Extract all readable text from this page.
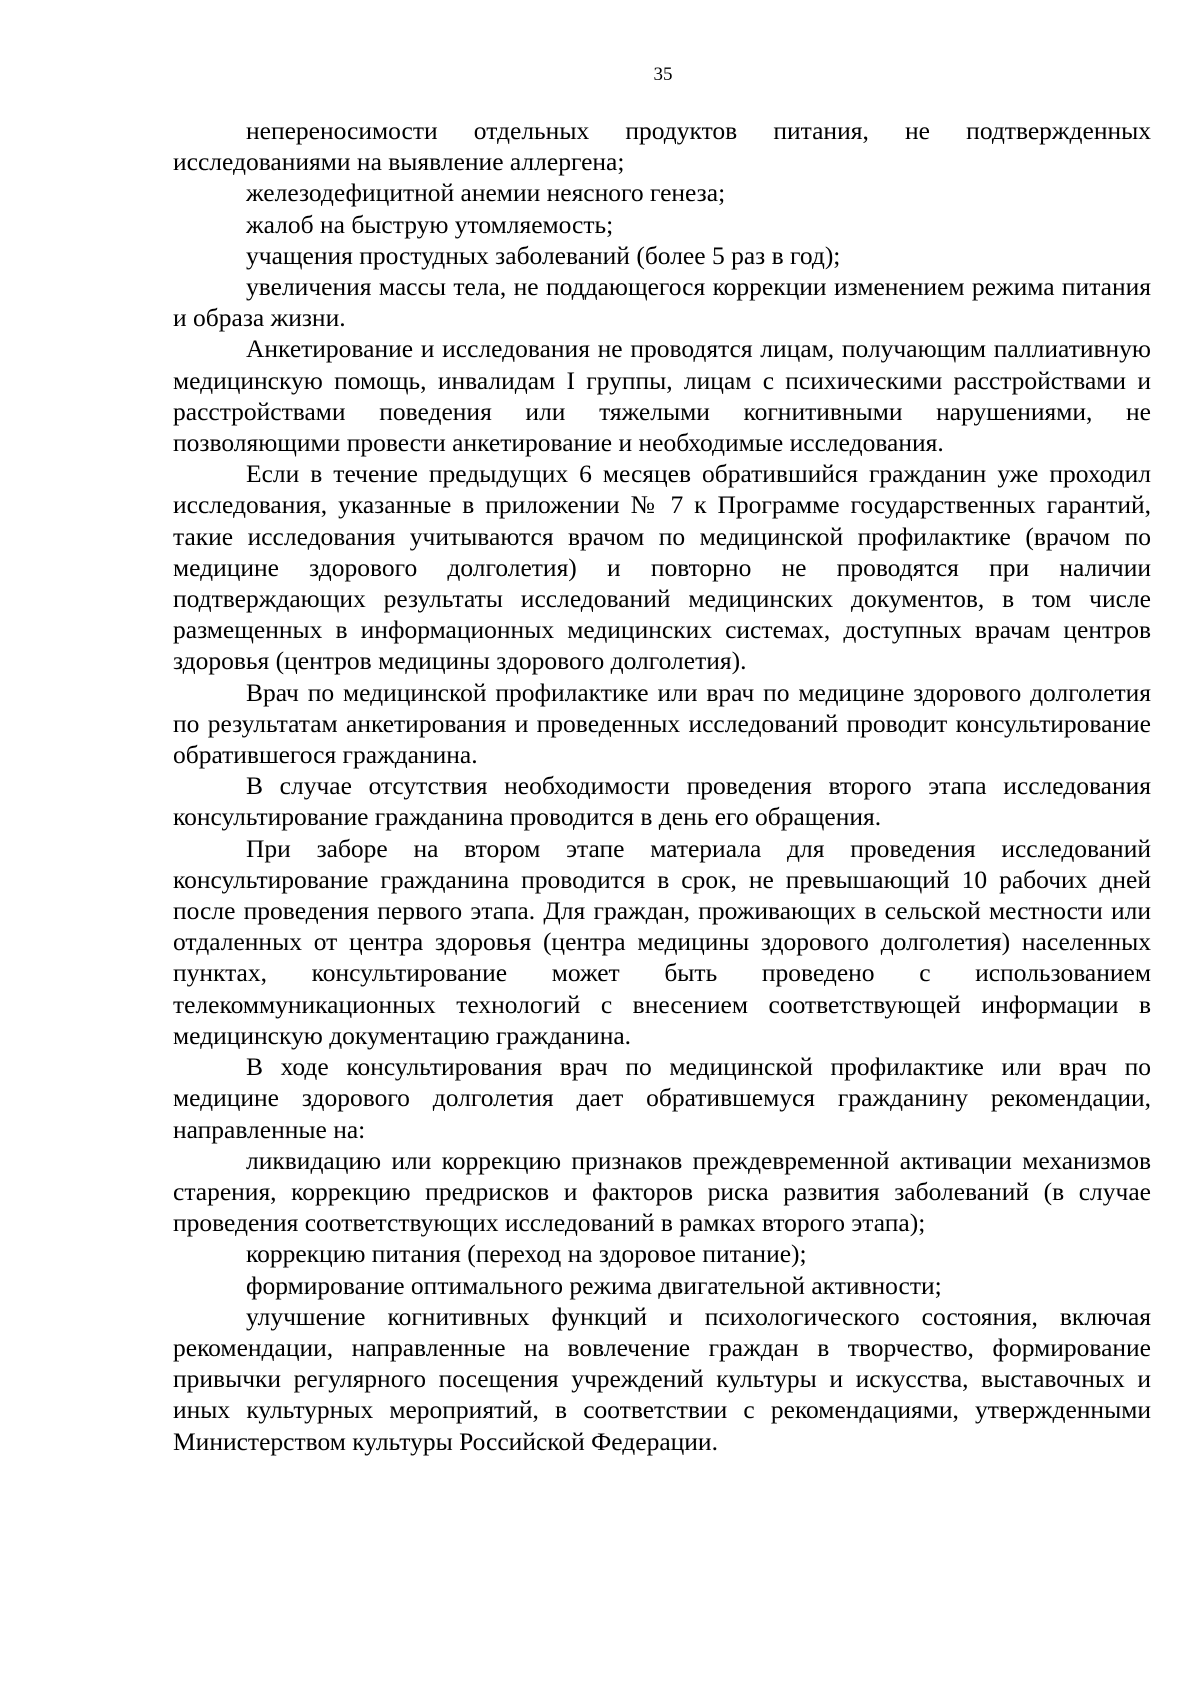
35

непереносимости отдельных продуктов питания, не подтвержденных исследованиями на выявление аллергена;

железодефицитной анемии неясного генеза;

жалоб на быструю утомляемость;

учащения простудных заболеваний (более 5 раз в год);

увеличения массы тела, не поддающегося коррекции изменением режима питания и образа жизни.

Анкетирование и исследования не проводятся лицам, получающим паллиативную медицинскую помощь, инвалидам I группы, лицам с психическими расстройствами и расстройствами поведения или тяжелыми когнитивными нарушениями, не позволяющими провести анкетирование и необходимые исследования.

Если в течение предыдущих 6 месяцев обратившийся гражданин уже проходил исследования, указанные в приложении № 7 к Программе государственных гарантий, такие исследования учитываются врачом по медицинской профилактике (врачом по медицине здорового долголетия) и повторно не проводятся при наличии подтверждающих результаты исследований медицинских документов, в том числе размещенных в информационных медицинских системах, доступных врачам центров здоровья (центров медицины здорового долголетия).

Врач по медицинской профилактике или врач по медицине здорового долголетия по результатам анкетирования и проведенных исследований проводит консультирование обратившегося гражданина.

В случае отсутствия необходимости проведения второго этапа исследования консультирование гражданина проводится в день его обращения.

При заборе на втором этапе материала для проведения исследований консультирование гражданина проводится в срок, не превышающий 10 рабочих дней после проведения первого этапа. Для граждан, проживающих в сельской местности или отдаленных от центра здоровья (центра медицины здорового долголетия) населенных пунктах, консультирование может быть проведено с использованием телекоммуникационных технологий с внесением соответствующей информации в медицинскую документацию гражданина.

В ходе консультирования врач по медицинской профилактике или врач по медицине здорового долголетия дает обратившемуся гражданину рекомендации, направленные на:

ликвидацию или коррекцию признаков преждевременной активации механизмов старения, коррекцию предрисков и факторов риска развития заболеваний (в случае проведения соответствующих исследований в рамках второго этапа);

коррекцию питания (переход на здоровое питание);

формирование оптимального режима двигательной активности;

улучшение когнитивных функций и психологического состояния, включая рекомендации, направленные на вовлечение граждан в творчество, формирование привычки регулярного посещения учреждений культуры и искусства, выставочных и иных культурных мероприятий, в соответствии с рекомендациями, утвержденными Министерством культуры Российской Федерации.
